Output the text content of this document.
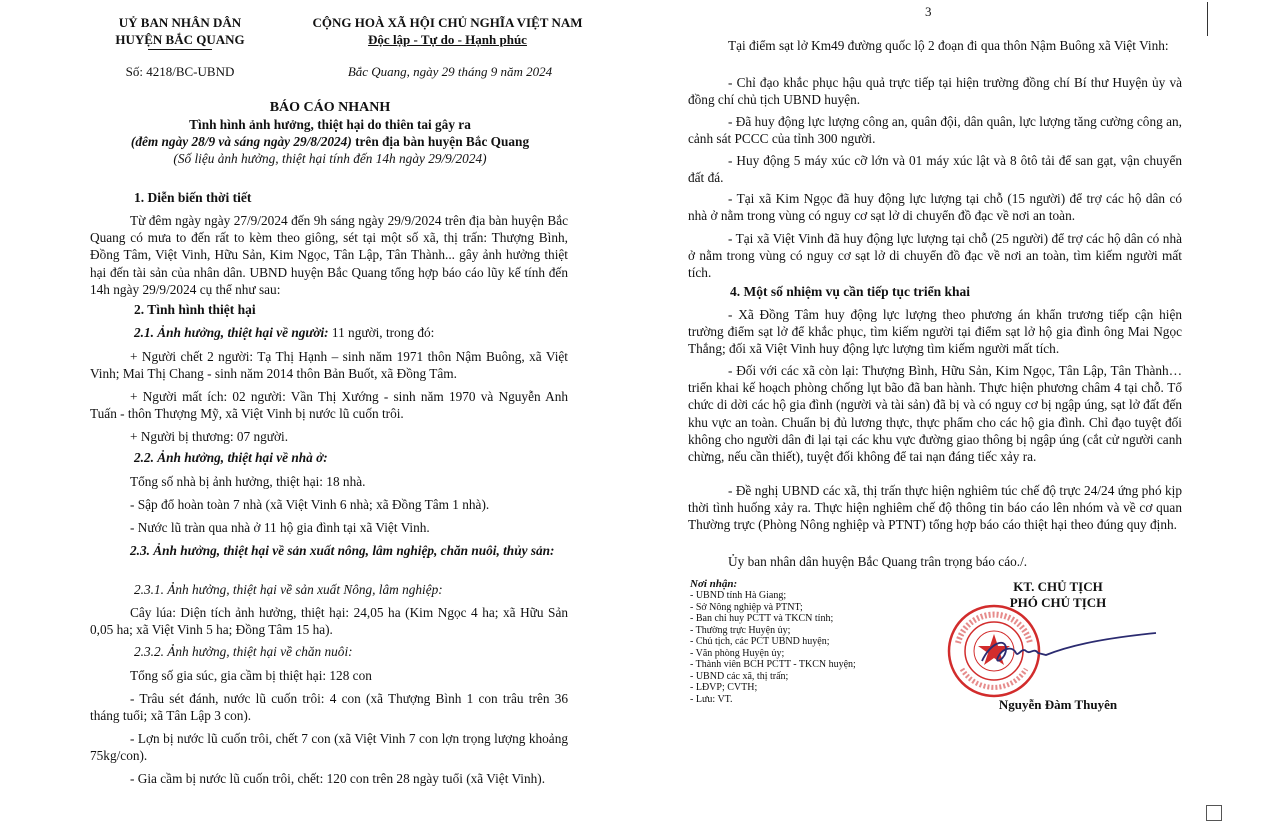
UỶ BAN NHÂN DÂN
HUYỆN BẮC QUANG
CỘNG HOÀ XÃ HỘI CHỦ NGHĨA VIỆT NAM
Độc lập - Tự do - Hạnh phúc
Số: 4218/BC-UBND	Bắc Quang, ngày 29 tháng 9 năm 2024
BÁO CÁO NHANH
Tình hình ảnh hưởng, thiệt hại do thiên tai gây ra
(đêm ngày 28/9 và sáng ngày 29/8/2024) trên địa bàn huyện Bắc Quang
(Số liệu ảnh hưởng, thiệt hại tính đến 14h ngày 29/9/2024)
1. Diễn biến thời tiết

Từ đêm ngày ngày 27/9/2024 đến 9h sáng ngày 29/9/2024 trên địa bàn huyện Bắc Quang có mưa to đến rất to kèm theo giông, sét tại một số xã, thị trấn: Thượng Bình, Đồng Tâm, Việt Vinh, Hữu Sản, Kim Ngọc, Tân Lập, Tân Thành... gây ảnh hưởng thiệt hại đến tài sản của nhân dân. UBND huyện Bắc Quang tổng hợp báo cáo lũy kế tính đến 14h ngày 29/9/2024 cụ thể như sau:

2. Tình hình thiệt hại
2.1. Ảnh hưởng, thiệt hại về người: 11 người, trong đó:

+ Người chết 2 người: Tạ Thị Hạnh – sinh năm 1971 thôn Nậm Buông, xã Việt Vinh; Mai Thị Chang - sinh năm 2014 thôn Bản Buốt, xã Đồng Tâm.

+ Người mất ích: 02 người: Vần Thị Xướng - sinh năm 1970 và Nguyễn Anh Tuấn - thôn Thượng Mỹ, xã Việt Vinh bị nước lũ cuốn trôi.

+ Người bị thương: 07 người.

2.2. Ảnh hưởng, thiệt hại về nhà ở:

Tổng số nhà bị ảnh hưởng, thiệt hại: 18 nhà.

- Sập đổ hoàn toàn 7 nhà (xã Việt Vinh 6 nhà; xã Đồng Tâm 1 nhà).

- Nước lũ tràn qua nhà ở 11 hộ gia đình tại xã Việt Vinh.

2.3. Ảnh hưởng, thiệt hại về sản xuất nông, lâm nghiệp, chăn nuôi, thủy sản:

2.3.1. Ảnh hưởng, thiệt hại về sản xuất Nông, lâm nghiệp:

Cây lúa: Diện tích ảnh hưởng, thiệt hại: 24,05 ha (Kim Ngọc 4 ha; xã Hữu Sản 0,05 ha; xã Việt Vinh 5 ha; Đồng Tâm 15 ha).

2.3.2. Ảnh hưởng, thiệt hại về chăn nuôi:

Tổng số gia súc, gia cầm bị thiệt hại: 128 con

- Trâu sét đánh, nước lũ cuốn trôi: 4 con (xã Thượng Bình 1 con trâu trên 36 tháng tuổi; xã Tân Lập 3 con).

- Lợn bị nước lũ cuốn trôi, chết 7 con (xã Việt Vinh 7 con lợn trọng lượng khoảng 75kg/con).

- Gia cầm bị nước lũ cuốn trôi, chết: 120 con trên 28 ngày tuổi (xã Việt Vinh).

3

Tại điểm sạt lở Km49 đường quốc lộ 2 đoạn đi qua thôn Nậm Buông xã Việt Vinh:

- Chỉ đạo khắc phục hậu quả trực tiếp tại hiện trường đồng chí Bí thư Huyện ủy và đồng chí chủ tịch UBND huyện.

- Đã huy động lực lượng công an, quân đội, dân quân, lực lượng tăng cường công an, cảnh sát PCCC của tỉnh 300 người.

- Huy động 5 máy xúc cỡ lớn và 01 máy xúc lật và 8 ôtô tải để san gạt, vận chuyển đất đá.

- Tại xã Kim Ngọc đã huy động lực lượng tại chỗ (15 người) để trợ các hộ dân có nhà ở nằm trong vùng có nguy cơ sạt lở di chuyển đồ đạc về nơi an toàn.

- Tại xã Việt Vinh đã huy động lực lượng tại chỗ (25 người) để trợ các hộ dân có nhà ở nằm trong vùng có nguy cơ sạt lở di chuyển đồ đạc về nơi an toàn, tìm kiếm người mất tích.

4. Một số nhiệm vụ cần tiếp tục triển khai

- Xã Đồng Tâm huy động lực lượng theo phương án khẩn trương tiếp cận hiện trường điểm sạt lở để khắc phục, tìm kiếm người tại điểm sạt lở hộ gia đình ông Mai Ngọc Thắng; đối xã Việt Vinh huy động lực lượng tìm kiếm người mất tích.

- Đối với các xã còn lại: Thượng Bình, Hữu Sản, Kim Ngọc, Tân Lập, Tân Thành…triển khai kế hoạch phòng chống lụt bão đã ban hành. Thực hiện phương châm 4 tại chỗ. Tổ chức di dời các hộ gia đình (người và tài sản) đã bị và có nguy cơ bị ngập úng, sạt lở đất đến khu vực an toàn. Chuẩn bị đủ lương thực, thực phẩm cho các hộ gia đình. Chỉ đạo tuyệt đối không cho người dân đi lại tại các khu vực đường giao thông bị ngập úng (cắt cử người canh chừng, nếu cần thiết), tuyệt đối không để tai nạn đáng tiếc xảy ra.

- Đề nghị UBND các xã, thị trấn thực hiện nghiêm túc chế độ trực 24/24 ứng phó kịp thời tình huống xảy ra. Thực hiện nghiêm chế độ thông tin báo cáo lên nhóm và về cơ quan Thường trực (Phòng Nông nghiệp và PTNT) tổng hợp báo cáo thiệt hại theo đúng quy định.

Ủy ban nhân dân huyện Bắc Quang trân trọng báo cáo./.

Nơi nhận:
- UBND tỉnh Hà Giang;
- Sở Nông nghiệp và PTNT;
- Ban chỉ huy PCTT và TKCN tỉnh;
- Thường trực Huyện ủy;
- Chủ tịch, các PCT UBND huyện;
- Văn phòng Huyện ủy;
- Thành viên BCH PCTT - TKCN huyện;
- UBND các xã, thị trấn;
- LĐVP; CVTH;
- Lưu: VT.
KT. CHỦ TỊCH
PHÓ CHỦ TỊCH
Nguyễn Đàm Thuyên
